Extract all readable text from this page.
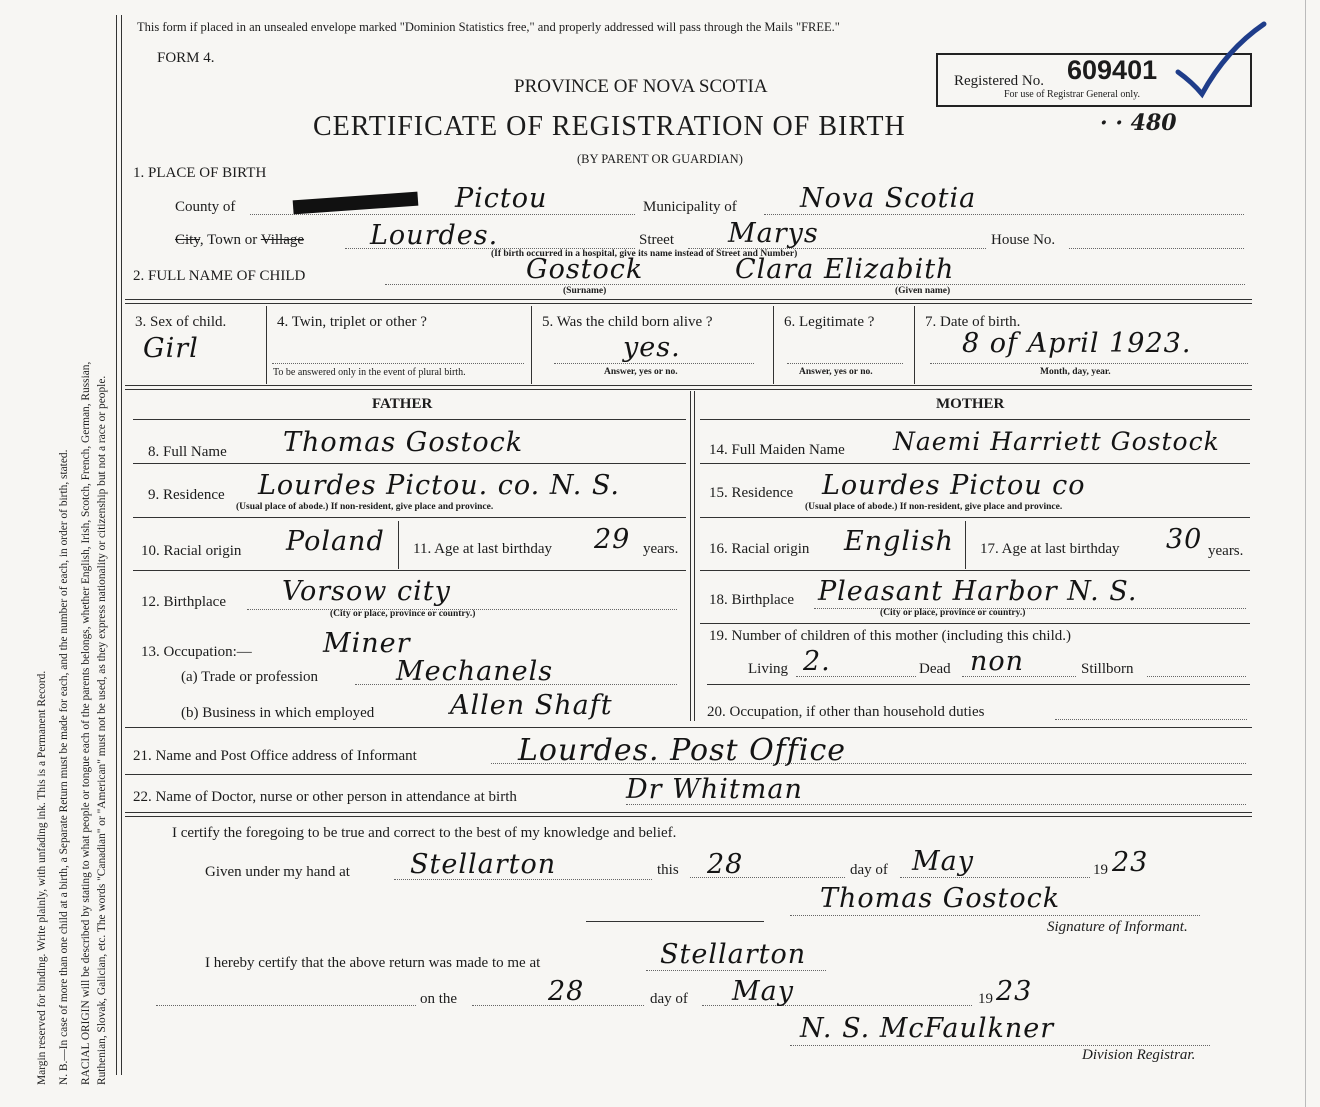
Margin reserved for binding. Write plainly, with unfading ink. This is a Permanent Record. N. B.—In case of more than one child at a birth, a Separate Return must be made for each, and the number of each, in order of birth, stated. RACIAL ORIGIN will be described by stating to what people or tongue each of the parents belongs, whether English, Irish, Scotch, French, German, Russian, Ruthenian, Slovak, Galician, etc. The words "Canadian" or "American" must not be used, as they express nationality or citizenship but not a race or people.
This form if placed in an unsealed envelope marked "Dominion Statistics free," and properly addressed will pass through the Mails "FREE."
FORM 4.
PROVINCE OF NOVA SCOTIA
CERTIFICATE OF REGISTRATION OF BIRTH
(BY PARENT OR GUARDIAN)
· · 480
Registered No. 609401
For use of Registrar General only.
1. PLACE OF BIRTH
County of	Pictou	Municipality of Nova Scotia
City, Town or Village Lourdes.	Street Marys	House No.
(If birth occurred in a hospital, give its name instead of Street and Number)
2. FULL NAME OF CHILD	Gostock	Clara Elizabith
(Surname)	(Given name)
3. Sex of child.
Girl
4. Twin, triplet or other ?
To be answered only in the event of plural birth.
5. Was the child born alive ?
yes.
Answer, yes or no.
6. Legitimate ?
Answer, yes or no.
7. Date of birth.
8 of April 1923.
Month, day, year.
FATHER	MOTHER
8. Full Name Thomas Gostock	14. Full Maiden Name Naemi Harriett Gostock
9. Residence Lourdes Pictou. co. N. S.
(Usual place of abode.) If non-resident, give place and province.
15. Residence Lourdes Pictou co
(Usual place of abode.) If non-resident, give place and province.
10. Racial origin Poland 11. Age at last birthday 29 years. 16. Racial origin English 17. Age at last birthday 30 years.
12. Birthplace Vorsow city
(City or place, province or country.)
18. Birthplace Pleasant Harbor N. S.
(City or place, province or country.)
13. Occupation:—	Miner
(a) Trade or profession	Mechanels
(b) Business in which employed	Allen Shaft
19. Number of children of this mother (including this child.)
Living 2.	Dead non	Stillborn
20. Occupation, if other than household duties
21. Name and Post Office address of Informant	Lourdes. Post Office
22. Name of Doctor, nurse or other person in attendance at birth	Dr Whitman
I certify the foregoing to be true and correct to the best of my knowledge and belief.
Given under my hand at Stellarton	this 28	day of May	19 23
Thomas Gostock
Signature of Informant.
I hereby certify that the above return was made to me at	Stellarton
on the	28	day of May	19 23
N. S. McFaulkner
Division Registrar.
